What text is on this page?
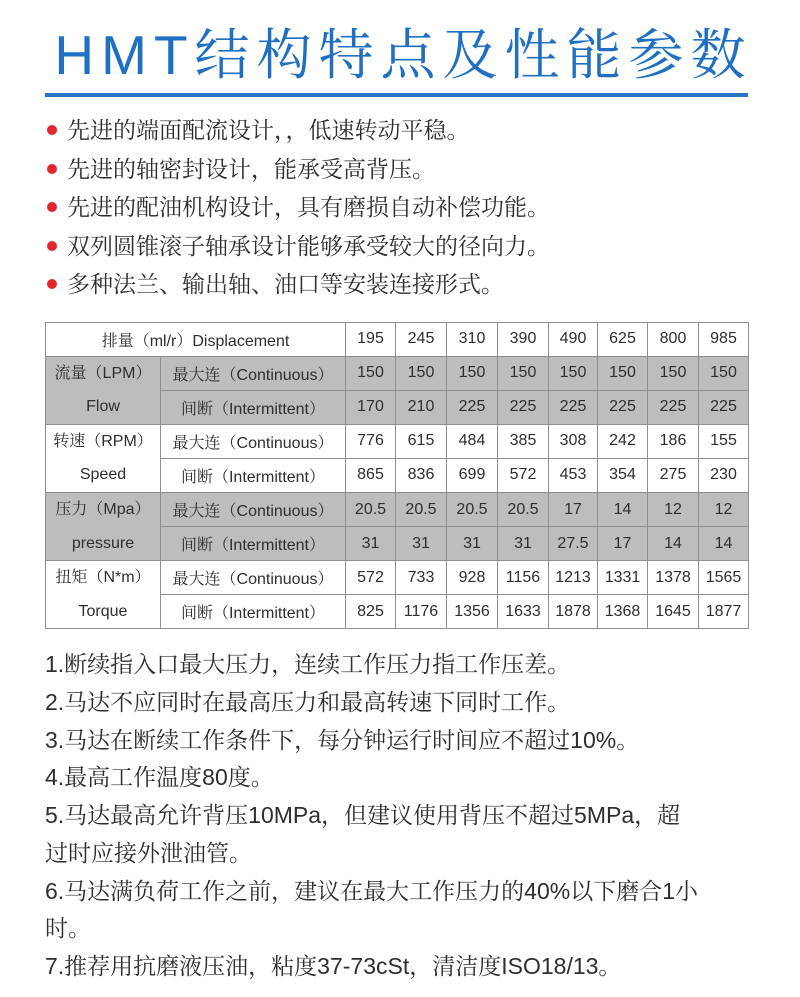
HMT结构特点及性能参数
先进的端面配流设计，，低速转动平稳。
先进的轴密封设计，能承受高背压。
先进的配油机构设计，具有磨损自动补偿功能。
双列圆锥滚子轴承设计能够承受较大的径向力。
多种法兰、输出轴、油口等安装连接形式。
排量（ml/r）Displacement		195	245	310	390	490	625	800	985

流量（LPM）
Flow	最大连（Continuous）	150	150	150	150	150	150	150	150
	间断（Intermittent）	170	210	225	225	225	225	225	225

转速（RPM）
Speed	最大连（Continuous）	776	615	484	385	308	242	186	155
	间断（Intermittent）	865	836	699	572	453	354	275	230

压力（Mpa）
pressure	最大连（Continuous）	20.5	20.5	20.5	20.5	17	14	12	12
	间断（Intermittent）	31	31	31	31	27.5	17	14	14

扭矩（N*m）
Torque	最大连（Continuous）	572	733	928	1156	1213	1331	1378	1565
	间断（Intermittent）	825	1176	1356	1633	1878	1368	1645	1877
1.断续指入口最大压力，连续工作压力指工作压差。
2.马达不应同时在最高压力和最高转速下同时工作。
3.马达在断续工作条件下，每分钟运行时间应不超过10%。
4.最高工作温度80度。
5.马达最高允许背压10MPa，但建议使用背压不超过5MPa，超
过时应接外泄油管。
6.马达满负荷工作之前，建议在最大工作压力的40%以下磨合1小
时。
7.推荐用抗磨液压油，粘度37-73cSt，清洁度ISO18/13。
